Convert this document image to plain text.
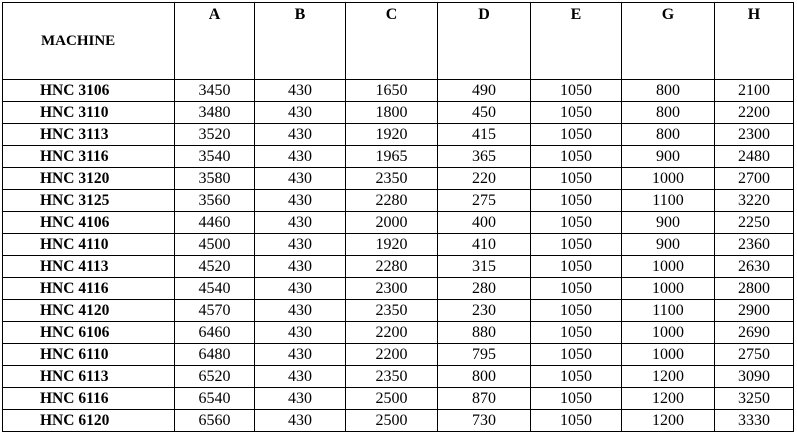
MACHINE	A	B	C	D	E	G	H
HNC 3106	3450	430	1650	490	1050	800	2100
HNC 3110	3480	430	1800	450	1050	800	2200
HNC 3113	3520	430	1920	415	1050	800	2300
HNC 3116	3540	430	1965	365	1050	900	2480
HNC 3120	3580	430	2350	220	1050	1000	2700
HNC 3125	3560	430	2280	275	1050	1100	3220
HNC 4106	4460	430	2000	400	1050	900	2250
HNC 4110	4500	430	1920	410	1050	900	2360
HNC 4113	4520	430	2280	315	1050	1000	2630
HNC 4116	4540	430	2300	280	1050	1000	2800
HNC 4120	4570	430	2350	230	1050	1100	2900
HNC 6106	6460	430	2200	880	1050	1000	2690
HNC 6110	6480	430	2200	795	1050	1000	2750
HNC 6113	6520	430	2350	800	1050	1200	3090
HNC 6116	6540	430	2500	870	1050	1200	3250
HNC 6120	6560	430	2500	730	1050	1200	3330
